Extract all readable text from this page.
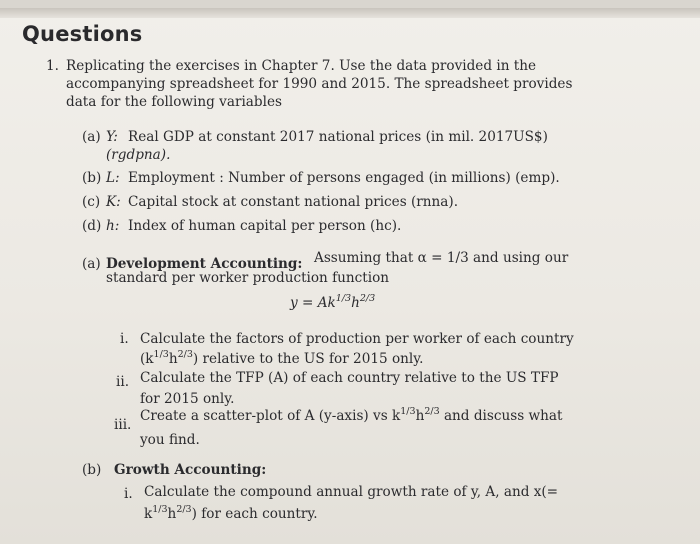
Questions
1. Replicating the exercises in Chapter 7. Use the data provided in the
accompanying spreadsheet for 1990 and 2015. The spreadsheet provides
data for the following variables
(a) Y: Real GDP at constant 2017 national prices (in mil. 2017US$)
(rgdpna).
(b) L: Employment : Number of persons engaged (in millions) (emp).
(c) K: Capital stock at constant national prices (rnna).
(d) h: Index of human capital per person (hc).
(a) Development Accounting: Assuming that α = 1/3 and using our
standard per worker production function
$y = Ak^{1/3}h^{2/3}$
i. Calculate the factors of production per worker of each country
$(k^{1/3}h^{2/3})$ relative to the US for 2015 only.
ii. Calculate the TFP (A) of each country relative to the US TFP
for 2015 only.
iii.
Create a scatter-plot of A (y-axis) vs $k^{1/3}h^{2/3}$ and discuss what
you find.
(b) Growth Accounting:
i. Calculate the compound annual growth rate of y, A, and x(=
$k^{1/3}h^{2/3}$) for each country.
